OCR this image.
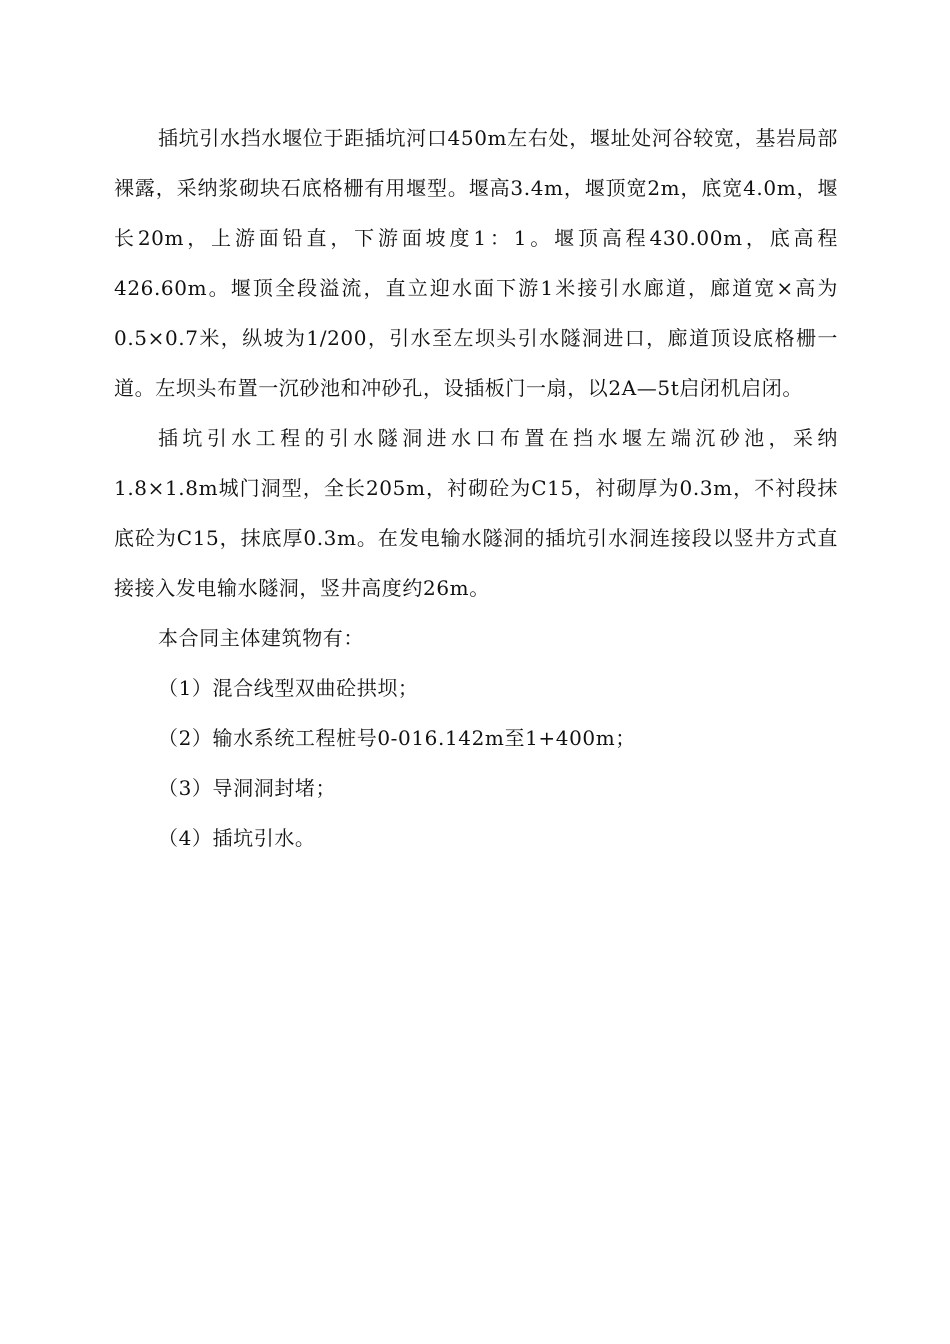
插坑引水挡水堰位于距插坑河口450m左右处，堰址处河谷较宽，基岩局部裸露，采纳浆砌块石底格栅有用堰型。堰高3.4m，堰顶宽2m，底宽4.0m，堰长20m，上游面铅直，下游面坡度1：1。堰顶高程430.00m，底高程426.60m。堰顶全段溢流，直立迎水面下游1米接引水廊道，廊道宽×高为0.5×0.7米，纵坡为1/200，引水至左坝头引水隧洞进口，廊道顶设底格栅一道。左坝头布置一沉砂池和冲砂孔，设插板门一扇，以2A—5t启闭机启闭。

插坑引水工程的引水隧洞进水口布置在挡水堰左端沉砂池，采纳1.8×1.8m城门洞型，全长205m，衬砌砼为C15，衬砌厚为0.3m，不衬段抹底砼为C15，抹底厚0.3m。在发电输水隧洞的插坑引水洞连接段以竖井方式直接接入发电输水隧洞，竖井高度约26m。

本合同主体建筑物有：

（1）混合线型双曲砼拱坝；

（2）输水系统工程桩号0-016.142m至1+400m；

（3）导洞洞封堵；

（4）插坑引水。
